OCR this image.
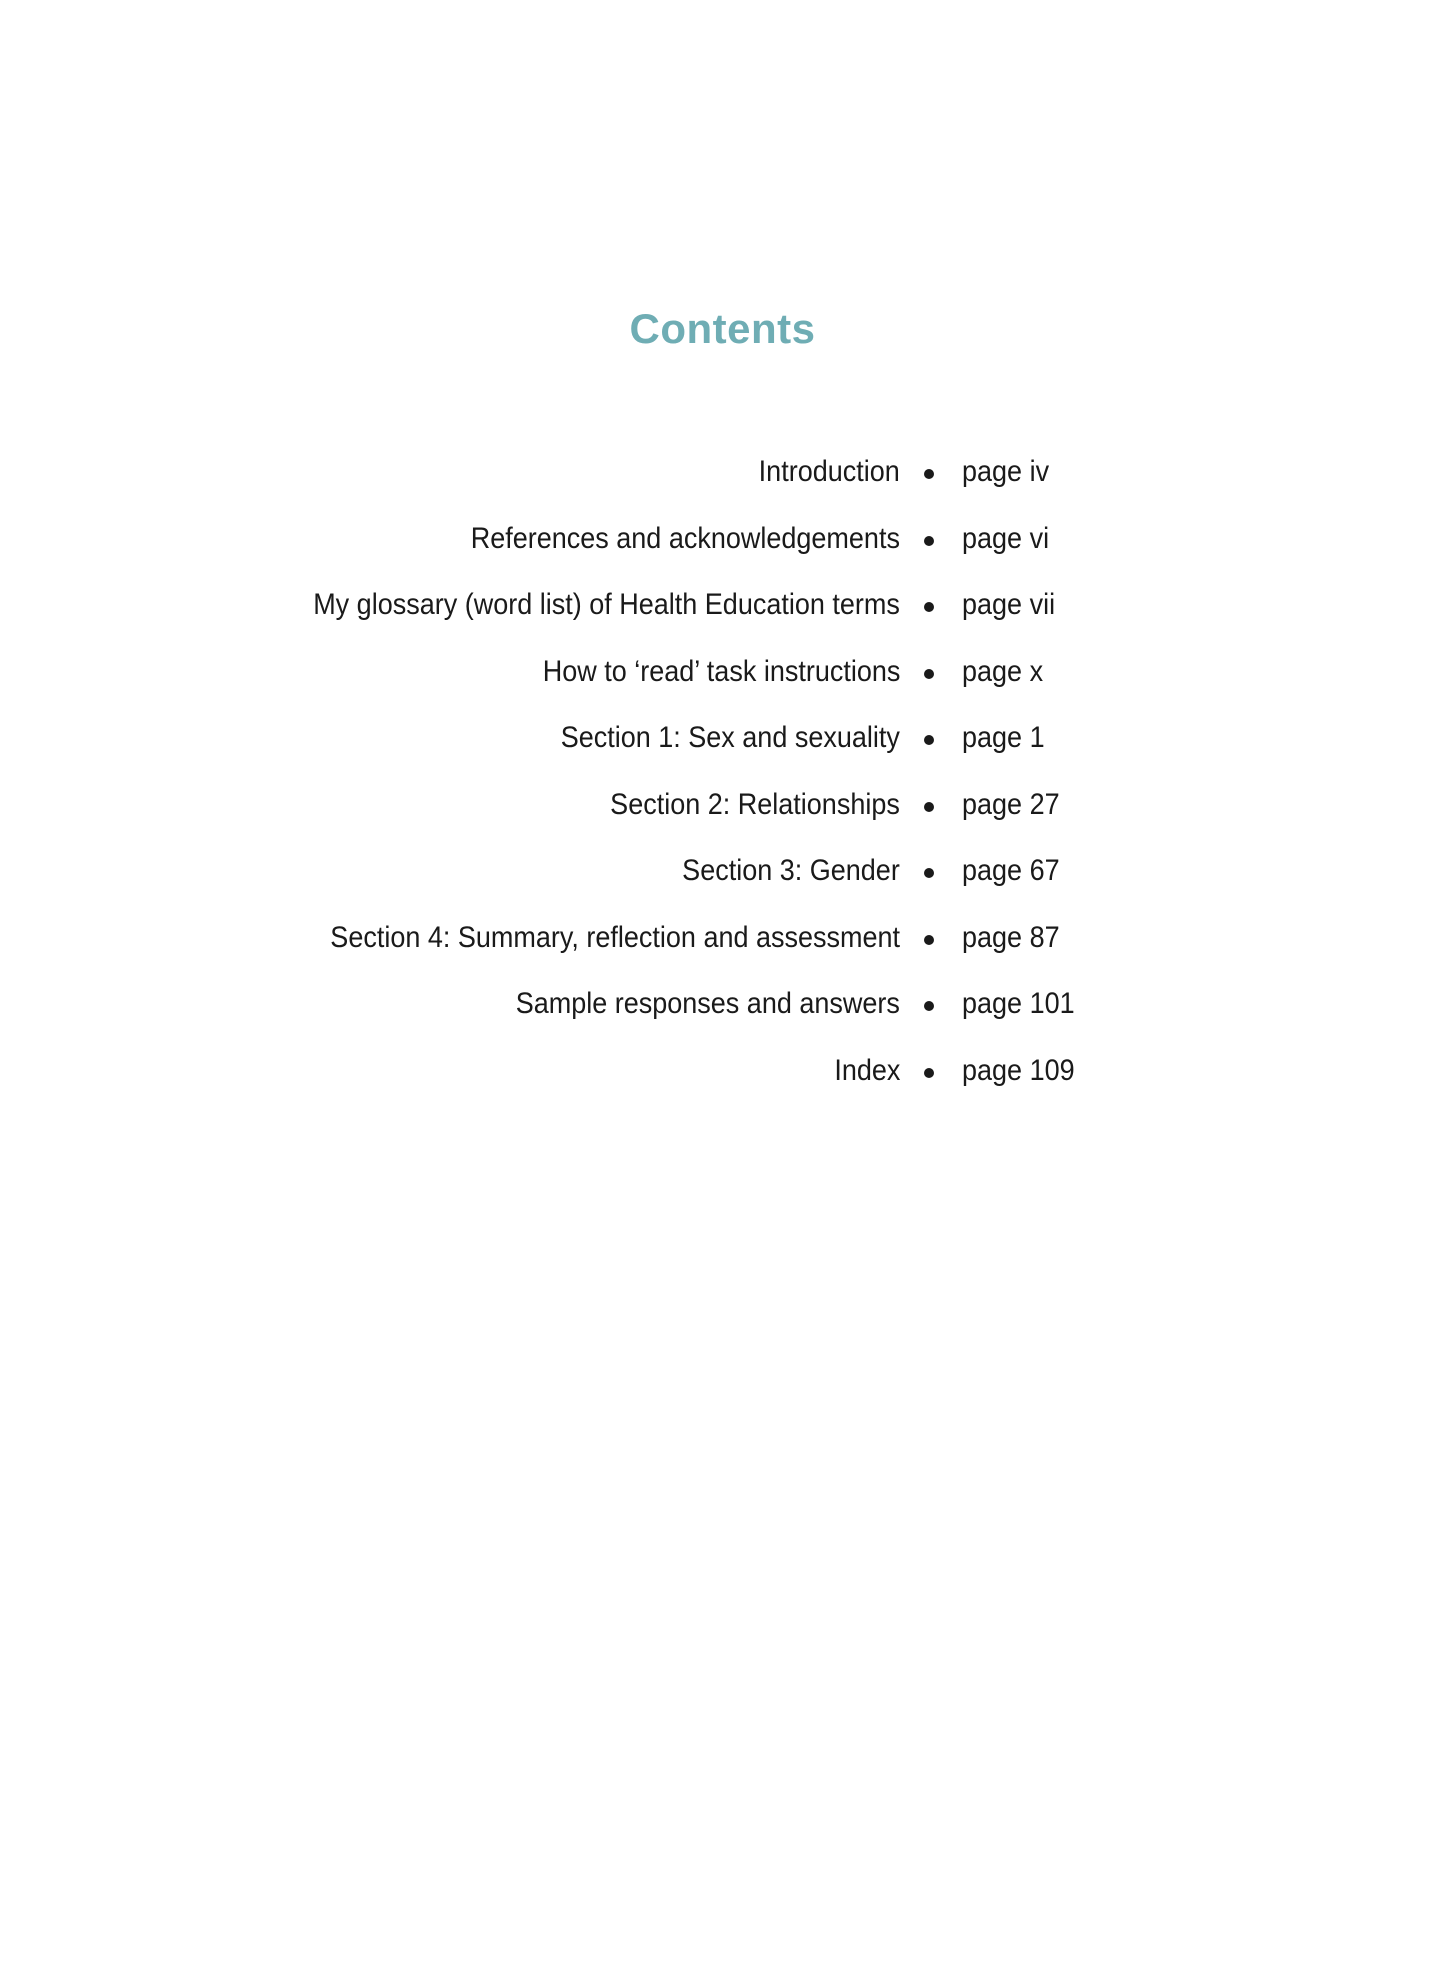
Contents
Introduction page iv
References and acknowledgements page vi
My glossary (word list) of Health Education terms page vii
How to ‘read’ task instructions page x
Section 1: Sex and sexuality page 1
Section 2: Relationships page 27
Section 3: Gender page 67
Section 4: Summary, reflection and assessment page 87
Sample responses and answers page 101
Index page 109
